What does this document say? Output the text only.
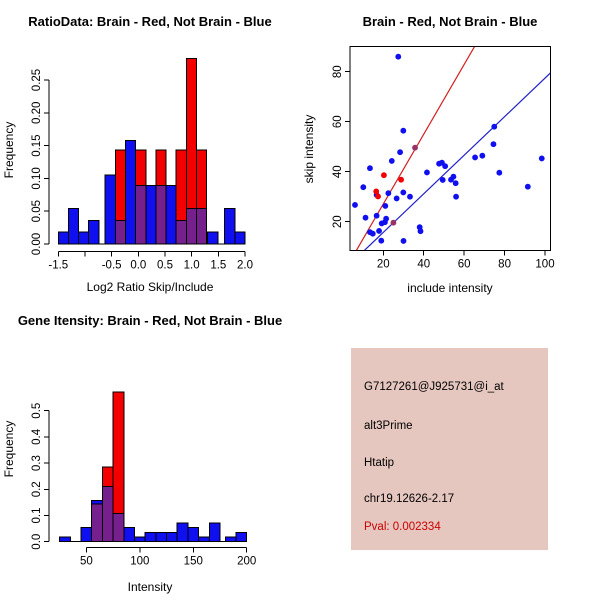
-1.5	-0.5 0.0 0.5 1.0 1.5 2.0
0.00
0.05
0.10
0.15
0.20
0.25
RatioData: Brain - Red, Not Brain - Blue
Log2 Ratio Skip/Include
Frequency
20 40 60 80 100
20
40
60
80
Brain - Red, Not Brain - Blue
include intensity
skip intensity
50	100	150	200
0.0
0.1
0.2
0.3
0.4
0.5
Gene Itensity: Brain - Red, Not Brain - Blue
Intensity
Frequency
G7127261@J925731@i_at
alt3Prime
Htatip
chr19.12626-2.17
Pval: 0.002334
